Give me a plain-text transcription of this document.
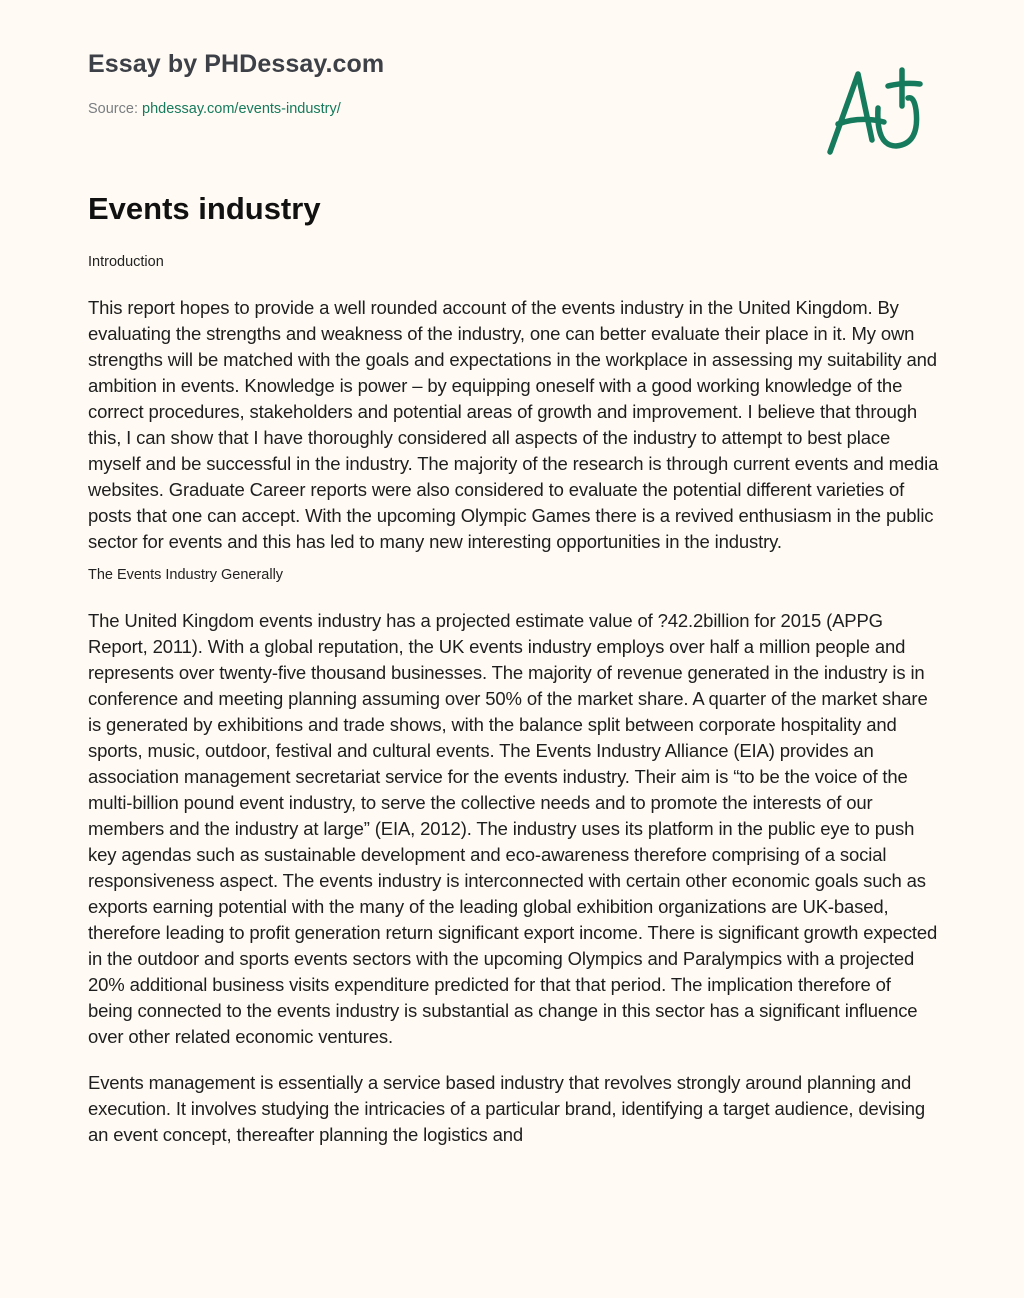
Essay by PHDessay.com
Source: phdessay.com/events-industry/
Events industry
Introduction

This report hopes to provide a well rounded account of the events industry in the United Kingdom. By evaluating the strengths and weakness of the industry, one can better evaluate their place in it. My own strengths will be matched with the goals and expectations in the workplace in assessing my suitability and ambition in events. Knowledge is power – by equipping oneself with a good working knowledge of the correct procedures, stakeholders and potential areas of growth and improvement. I believe that through this, I can show that I have thoroughly considered all aspects of the industry to attempt to best place myself and be successful in the industry. The majority of the research is through current events and media websites. Graduate Career reports were also considered to evaluate the potential different varieties of posts that one can accept. With the upcoming Olympic Games there is a revived enthusiasm in the public sector for events and this has led to many new interesting opportunities in the industry.

The Events Industry Generally

The United Kingdom events industry has a projected estimate value of ?42.2billion for 2015 (APPG Report, 2011). With a global reputation, the UK events industry employs over half a million people and represents over twenty-five thousand businesses. The majority of revenue generated in the industry is in conference and meeting planning assuming over 50% of the market share. A quarter of the market share is generated by exhibitions and trade shows, with the balance split between corporate hospitality and sports, music, outdoor, festival and cultural events. The Events Industry Alliance (EIA) provides an association management secretariat service for the events industry. Their aim is “to be the voice of the multi-billion pound event industry, to serve the collective needs and to promote the interests of our members and the industry at large” (EIA, 2012). The industry uses its platform in the public eye to push key agendas such as sustainable development and eco-awareness therefore comprising of a social responsiveness aspect. The events industry is interconnected with certain other economic goals such as exports earning potential with the many of the leading global exhibition organizations are UK-based, therefore leading to profit generation return significant export income. There is significant growth expected in the outdoor and sports events sectors with the upcoming Olympics and Paralympics with a projected 20% additional business visits expenditure predicted for that that period. The implication therefore of being connected to the events industry is substantial as change in this sector has a significant influence over other related economic ventures.

Events management is essentially a service based industry that revolves strongly around planning and execution. It involves studying the intricacies of a particular brand, identifying a target audience, devising an event concept, thereafter planning the logistics and
